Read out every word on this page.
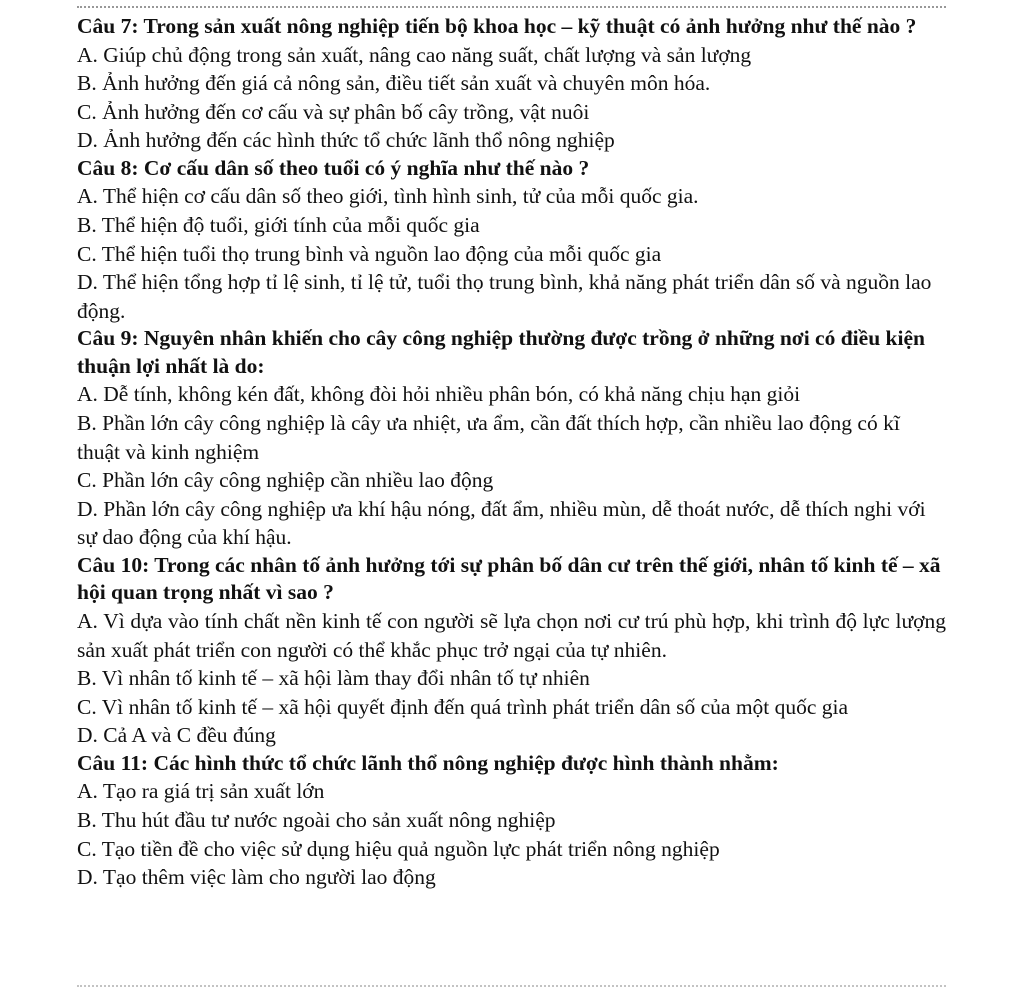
Câu 7: Trong sản xuất nông nghiệp tiến bộ khoa học – kỹ thuật có ảnh hưởng như thế nào ?

A. Giúp chủ động trong sản xuất, nâng cao năng suất, chất lượng và sản lượng

B. Ảnh hưởng đến giá cả nông sản, điều tiết sản xuất và chuyên môn hóa.

C. Ảnh hưởng đến cơ cấu và sự phân bố cây trồng, vật nuôi

D. Ảnh hưởng đến các hình thức tổ chức lãnh thổ nông nghiệp

Câu 8: Cơ cấu dân số theo tuổi có ý nghĩa như thế nào ?

A. Thể hiện cơ cấu dân số theo giới, tình hình sinh, tử của mỗi quốc gia.

B. Thể hiện độ tuổi, giới tính của mỗi quốc gia

C. Thể hiện tuổi thọ trung bình và nguồn lao động của mỗi quốc gia

D. Thể hiện tổng hợp tỉ lệ sinh, tỉ lệ tử, tuổi thọ trung bình, khả năng phát triển dân số và nguồn lao động.

Câu 9: Nguyên nhân khiến cho cây công nghiệp thường được trồng ở những nơi có điều kiện thuận lợi nhất là do:

A. Dễ tính, không kén đất, không đòi hỏi nhiều phân bón, có khả năng chịu hạn giỏi

B. Phần lớn cây công nghiệp là cây ưa nhiệt, ưa ẩm, cần đất thích hợp, cần nhiều lao động có kĩ thuật và kinh nghiệm

C. Phần lớn cây công nghiệp cần nhiều lao động

D. Phần lớn cây công nghiệp ưa khí hậu nóng, đất ẩm, nhiều mùn, dễ thoát nước, dễ thích nghi với sự dao động của khí hậu.

Câu 10: Trong các nhân tố ảnh hưởng tới sự phân bố dân cư trên thế giới, nhân tố kinh tế – xã hội quan trọng nhất vì sao ?

A. Vì dựa vào tính chất nền kinh tế con người sẽ lựa chọn nơi cư trú phù hợp, khi trình độ lực lượng sản xuất phát triển con người có thể khắc phục trở ngại của tự nhiên.

B. Vì nhân tố kinh tế – xã hội làm thay đổi nhân tố tự nhiên

C. Vì nhân tố kinh tế – xã hội quyết định đến quá trình phát triển dân số của một quốc gia

D. Cả A và C đều đúng

Câu 11: Các hình thức tổ chức lãnh thổ nông nghiệp được hình thành nhằm:

A. Tạo ra giá trị sản xuất lớn

B. Thu hút đầu tư nước ngoài cho sản xuất nông nghiệp

C. Tạo tiền đề cho việc sử dụng hiệu quả nguồn lực phát triển nông nghiệp

D. Tạo thêm việc làm cho người lao động
